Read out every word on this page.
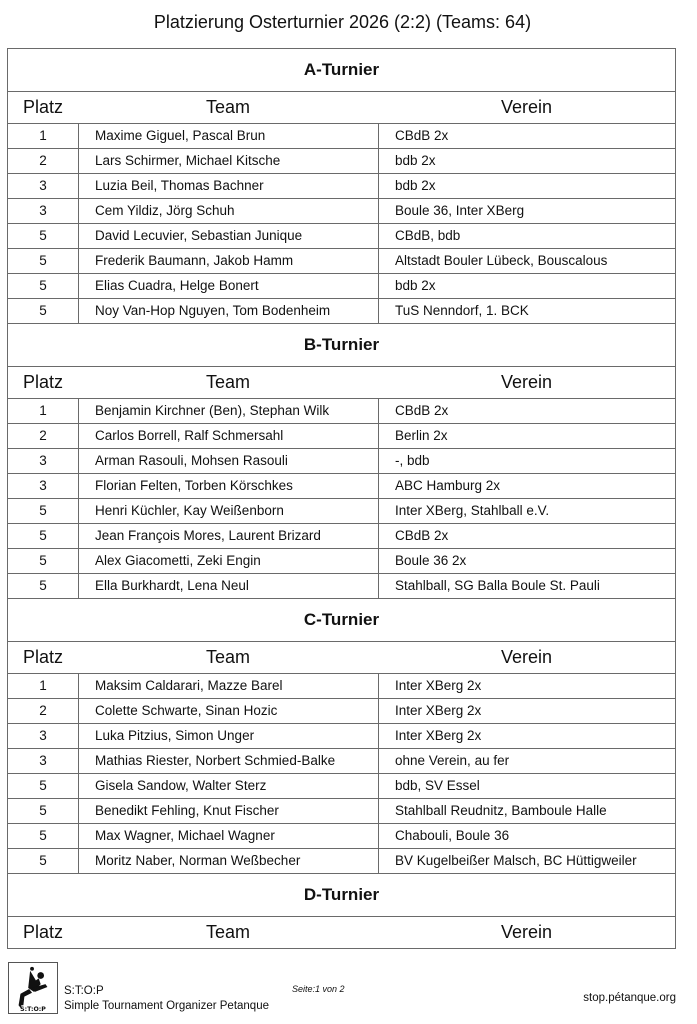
Platzierung Osterturnier 2026 (2:2) (Teams: 64)
A-Turnier
Platz	Team	Verein
1	Maxime Giguel, Pascal Brun	CBdB 2x
2	Lars Schirmer, Michael Kitsche	bdb 2x
3	Luzia Beil, Thomas Bachner	bdb 2x
3	Cem Yildiz, Jörg Schuh	Boule 36, Inter XBerg
5	David Lecuvier, Sebastian Junique	CBdB, bdb
5	Frederik Baumann, Jakob Hamm	Altstadt Bouler Lübeck, Bouscalous
5	Elias Cuadra, Helge Bonert	bdb 2x
5	Noy Van-Hop Nguyen, Tom Bodenheim	TuS Nenndorf, 1. BCK
B-Turnier
Platz	Team	Verein
1	Benjamin Kirchner (Ben), Stephan Wilk	CBdB 2x
2	Carlos Borrell, Ralf Schmersahl	Berlin 2x
3	Arman Rasouli, Mohsen Rasouli	-, bdb
3	Florian Felten, Torben Körschkes	ABC Hamburg 2x
5	Henri Küchler, Kay Weißenborn	Inter XBerg, Stahlball e.V.
5	Jean François Mores, Laurent Brizard	CBdB 2x
5	Alex Giacometti, Zeki Engin	Boule 36 2x
5	Ella Burkhardt, Lena Neul	Stahlball, SG Balla Boule St. Pauli
C-Turnier
Platz	Team	Verein
1	Maksim Caldarari, Mazze Barel	Inter XBerg 2x
2	Colette Schwarte, Sinan Hozic	Inter XBerg 2x
3	Luka Pitzius, Simon Unger	Inter XBerg 2x
3	Mathias Riester, Norbert Schmied-Balke	ohne Verein, au fer
5	Gisela Sandow, Walter Sterz	bdb, SV Essel
5	Benedikt Fehling, Knut Fischer	Stahlball Reudnitz, Bamboule Halle
5	Max Wagner, Michael Wagner	Chabouli, Boule 36
5	Moritz Naber, Norman Weßbecher	BV Kugelbeißer Malsch, BC Hüttigweiler
D-Turnier
Platz	Team	Verein
S:T:O:P
S:T:O:P
Simple Tournament Organizer Petanque
Seite:1 von 2
stop.pétanque.org
